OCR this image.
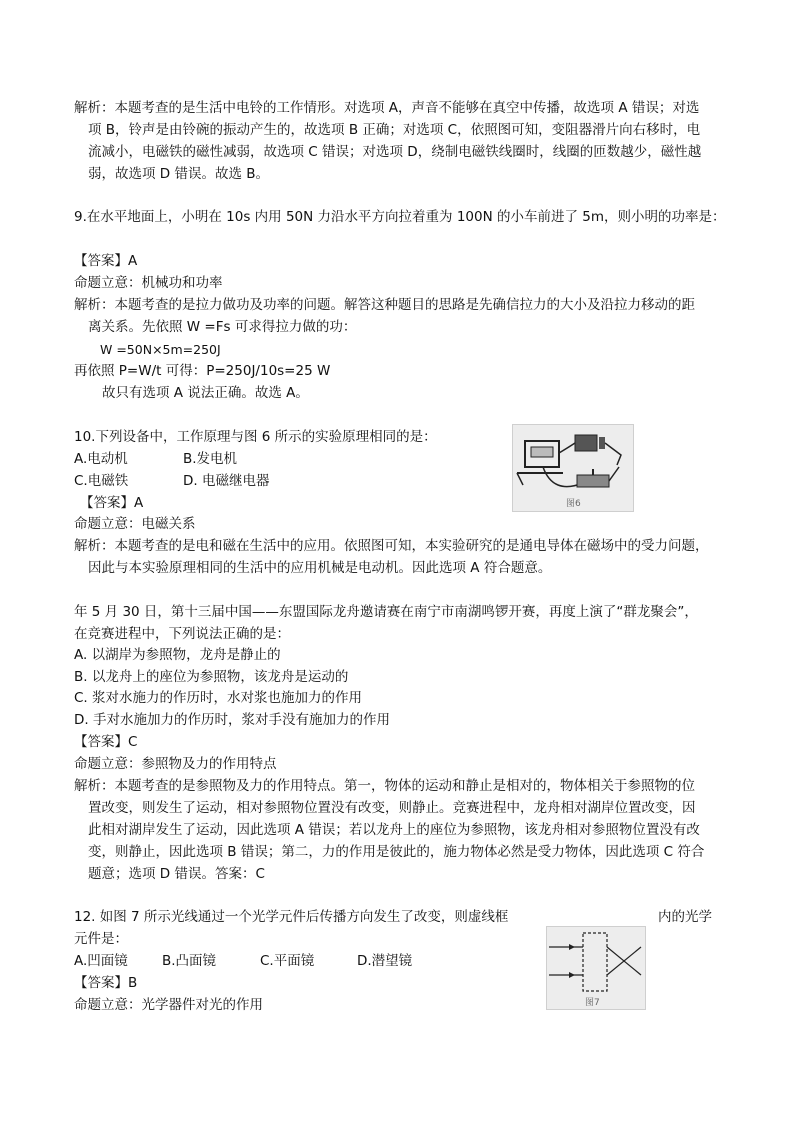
解析：本题考查的是生活中电铃的工作情形。对选项 A，声音不能够在真空中传播，故选项 A 错误；对选
项 B，铃声是由铃碗的振动产生的，故选项 B 正确；对选项 C，依照图可知，变阻器滑片向右移时，电
流减小，电磁铁的磁性减弱，故选项 C 错误；对选项 D，绕制电磁铁线圈时，线圈的匝数越少，磁性越
弱，故选项 D 错误。故选 B。
9.在水平地面上，小明在 10s 内用 50N 力沿水平方向拉着重为 100N 的小车前进了 5m，则小明的功率是：
【答案】A
命题立意：机械功和功率
解析：本题考查的是拉力做功及功率的问题。解答这种题目的思路是先确信拉力的大小及沿拉力移动的距
离关系。先依照 W =Fs 可求得拉力做的功：
W =50N×5m=250J
再依照 P=W/t 可得：P=250J/10s=25 W
故只有选项 A 说法正确。故选 A。
10.下列设备中，工作原理与图 6 所示的实验原理相同的是：
A.电动机	B.发电机
C.电磁铁	D. 电磁继电器
【答案】A
命题立意：电磁关系
解析：本题考查的是电和磁在生活中的应用。依照图可知，本实验研究的是通电导体在磁场中的受力问题，
因此与本实验原理相同的生活中的应用机械是电动机。因此选项 A 符合题意。
图6
年 5 月 30 日，第十三届中国——东盟国际龙舟邀请赛在南宁市南湖鸣锣开赛，再度上演了“群龙聚会”，
在竞赛进程中，下列说法正确的是：
A. 以湖岸为参照物，龙舟是静止的
B. 以龙舟上的座位为参照物，该龙舟是运动的
C. 浆对水施力的作历时，水对浆也施加力的作用
D. 手对水施加力的作历时，浆对手没有施加力的作用
【答案】C
命题立意：参照物及力的作用特点
解析：本题考查的是参照物及力的作用特点。第一，物体的运动和静止是相对的，物体相关于参照物的位
置改变，则发生了运动，相对参照物位置没有改变，则静止。竞赛进程中，龙舟相对湖岸位置改变，因
此相对湖岸发生了运动，因此选项 A 错误；若以龙舟上的座位为参照物，该龙舟相对参照物位置没有改
变，则静止，因此选项 B 错误；第二，力的作用是彼此的，施力物体必然是受力物体，因此选项 C 符合
题意；选项 D 错误。答案：C
12. 如图 7 所示光线通过一个光学元件后传播方向发生了改变，则虚线框	内的光学
元件是：
A.凹面镜	B.凸面镜	C.平面镜	D.潜望镜
【答案】B
命题立意：光学器件对光的作用	图7
